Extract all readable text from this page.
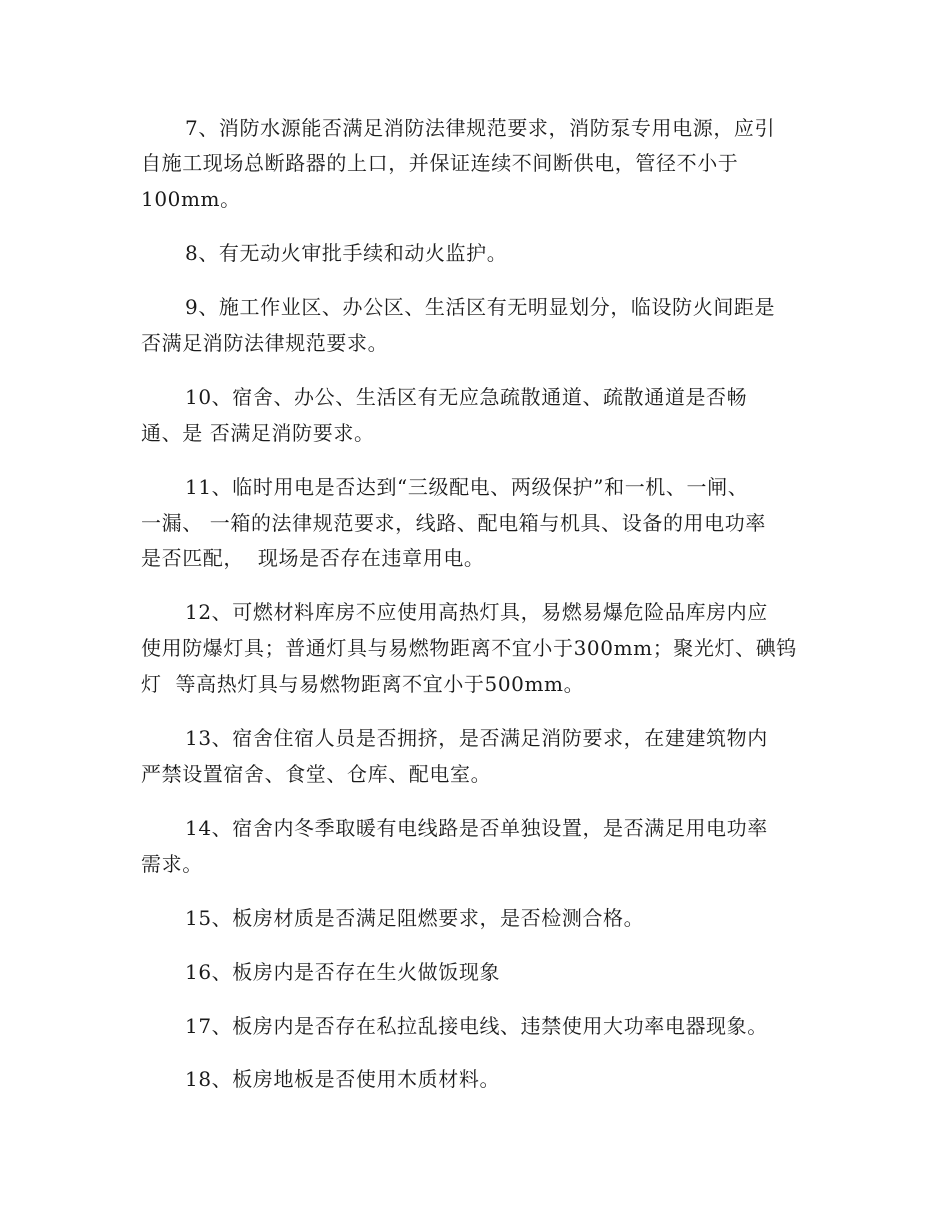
7、消防水源能否满足消防法律规范要求，消防泵专用电源，应引
自施工现场总断路器的上口，并保证连续不间断供电，管径不小于
100mm。
8、有无动火审批手续和动火监护。
9、施工作业区、办公区、生活区有无明显划分，临设防火间距是
否满足消防法律规范要求。
10、宿舍、办公、生活区有无应急疏散通道、疏散通道是否畅
通、是 否满足消防要求。
11、临时用电是否达到“三级配电、两级保护”和一机、一闸、
一漏、 一箱的法律规范要求，线路、配电箱与机具、设备的用电功率
是否匹配，  现场是否存在违章用电。
12、可燃材料库房不应使用高热灯具，易燃易爆危险品库房内应
使用防爆灯具；普通灯具与易燃物距离不宜小于300mm；聚光灯、碘钨
灯  等高热灯具与易燃物距离不宜小于500mm。
13、宿舍住宿人员是否拥挤，是否满足消防要求，在建建筑物内
严禁设置宿舍、食堂、仓库、配电室。
14、宿舍内冬季取暖有电线路是否单独设置，是否满足用电功率
需求。
15、板房材质是否满足阻燃要求，是否检测合格。
16、板房内是否存在生火做饭现象
17、板房内是否存在私拉乱接电线、违禁使用大功率电器现象。
18、板房地板是否使用木质材料。
